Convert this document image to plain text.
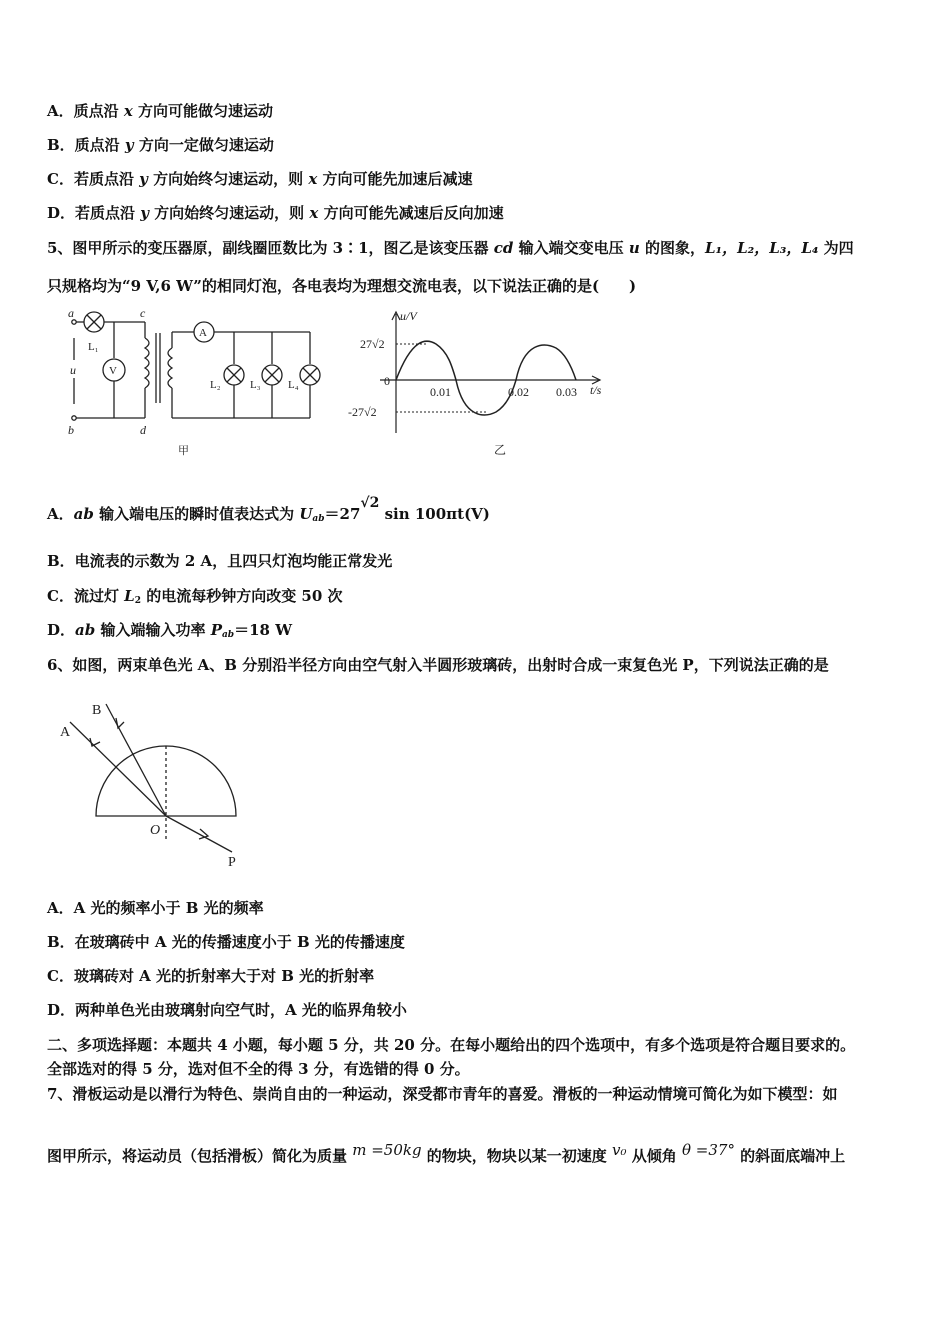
A．质点沿 x 方向可能做匀速运动
B．质点沿 y 方向一定做匀速运动
C．若质点沿 y 方向始终匀速运动，则 x 方向可能先加速后减速
D．若质点沿 y 方向始终匀速运动，则 x 方向可能先减速后反向加速
5、图甲所示的变压器原，副线圈匝数比为 3∶1，图乙是该变压器 cd 输入端交变电压 u 的图象，L₁，L₂，L₃，L₄ 为四
只规格均为“9 V,6 W”的相同灯泡，各电表均为理想交流电表，以下说法正确的是(　　)
a
b
c
d
u
L₁
L₂	L₃ L₄
V
A
甲
u/V
t/s
27√2
-27√2
0
0.01	0.02 0.03
乙
A．ab 输入端电压的瞬时值表达式为 $U_{ab}=27√2$ sin 100πt(V)
B．电流表的示数为 2 A，且四只灯泡均能正常发光
C．流过灯 $L_2$ 的电流每秒钟方向改变 50 次
D．ab 输入端输入功率 $P_{ab}=18$ W
6、如图，两束单色光 A、B 分别沿半径方向由空气射入半圆形玻璃砖，出射时合成一束复色光 P，下列说法正确的是
A
B
O
P
A．A 光的频率小于 B 光的频率
B．在玻璃砖中 A 光的传播速度小于 B 光的传播速度
C．玻璃砖对 A 光的折射率大于对 B 光的折射率
D．两种单色光由玻璃射向空气时，A 光的临界角较小
二、多项选择题：本题共 4 小题，每小题 5 分，共 20 分。在每小题给出的四个选项中，有多个选项是符合题目要求的。
全部选对的得 5 分，选对但不全的得 3 分，有选错的得 0 分。
7、滑板运动是以滑行为特色、崇尚自由的一种运动，深受都市青年的喜爱。滑板的一种运动情境可简化为如下模型：如
图甲所示，将运动员（包括滑板）简化为质量 m =50kg 的物块，物块以某一初速度 v₀ 从倾角 θ =37° 的斜面底端冲上
